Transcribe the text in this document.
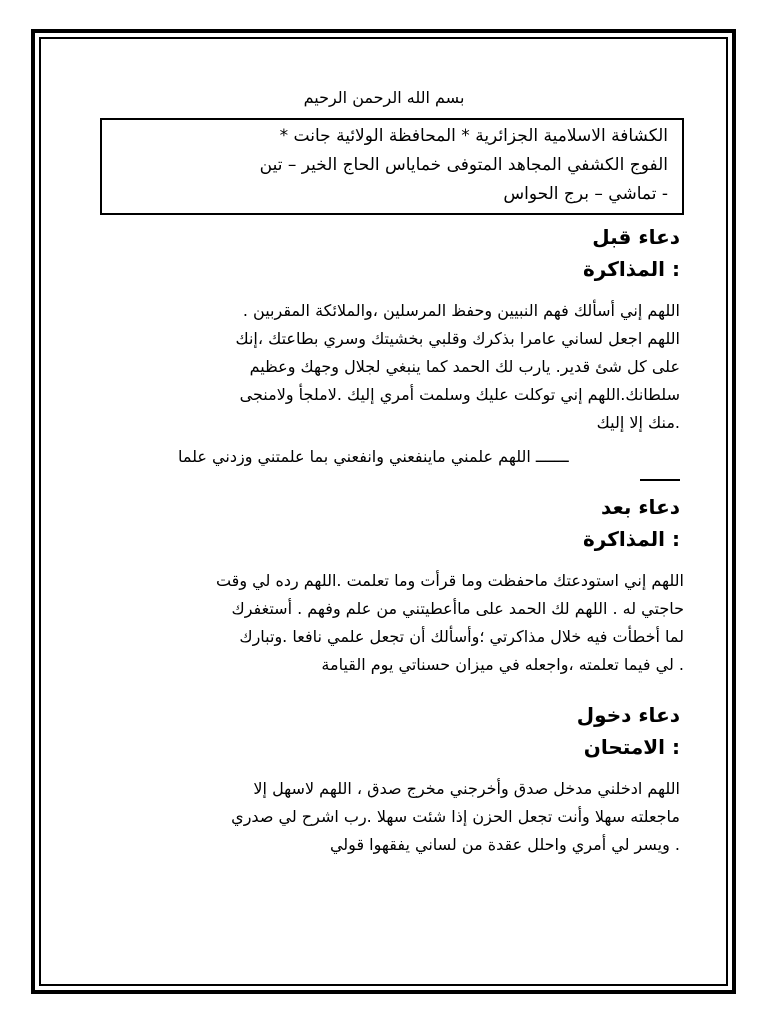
بسم الله الرحمن الرحيم
الكشافة الاسلامية الجزائرية * المحافظة الولائية جانت *
الفوج الكشفي المجاهد المتوفى خماياس الحاج الخير – تين
- تماشي – برج الحواس
دعاء قبل
: المذاكرة
اللهم إني أسألك فهم النبيين وحفظ المرسلين ،والملائكة المقربين .
اللهم اجعل لساني عامرا بذكرك وقلبي بخشيتك وسري بطاعتك ،إنك
على كل شئ قدير. يارب لك الحمد كما ينبغي لجلال وجهك وعظيم
سلطانك.اللهم إني توكلت عليك وسلمت أمري إليك .لاملجأ ولامنجى
.منك إلا إليك
ـــــــ اللهم علمني ماينفعني وانفعني بما علمتني وزدني علما
دعاء بعد
: المذاكرة
اللهم إني استودعتك ماحفظت وما قرأت وما تعلمت .اللهم رده لي وقت
حاجتي له . اللهم لك الحمد على ماأعطيتني من علم وفهم . أستغفرك
لما أخطأت فيه خلال مذاكرتي ؛وأسألك أن تجعل علمي نافعا .وتبارك
. لي فيما تعلمته ،واجعله في ميزان حسناتي يوم القيامة
دعاء دخول
: الامتحان
اللهم ادخلني مدخل صدق وأخرجني مخرج صدق ، اللهم لاسهل إلا
ماجعلته سهلا وأنت تجعل الحزن إذا شئت سهلا .رب اشرح لي صدري
. ويسر لي أمري واحلل عقدة من لساني يفقهوا قولي
